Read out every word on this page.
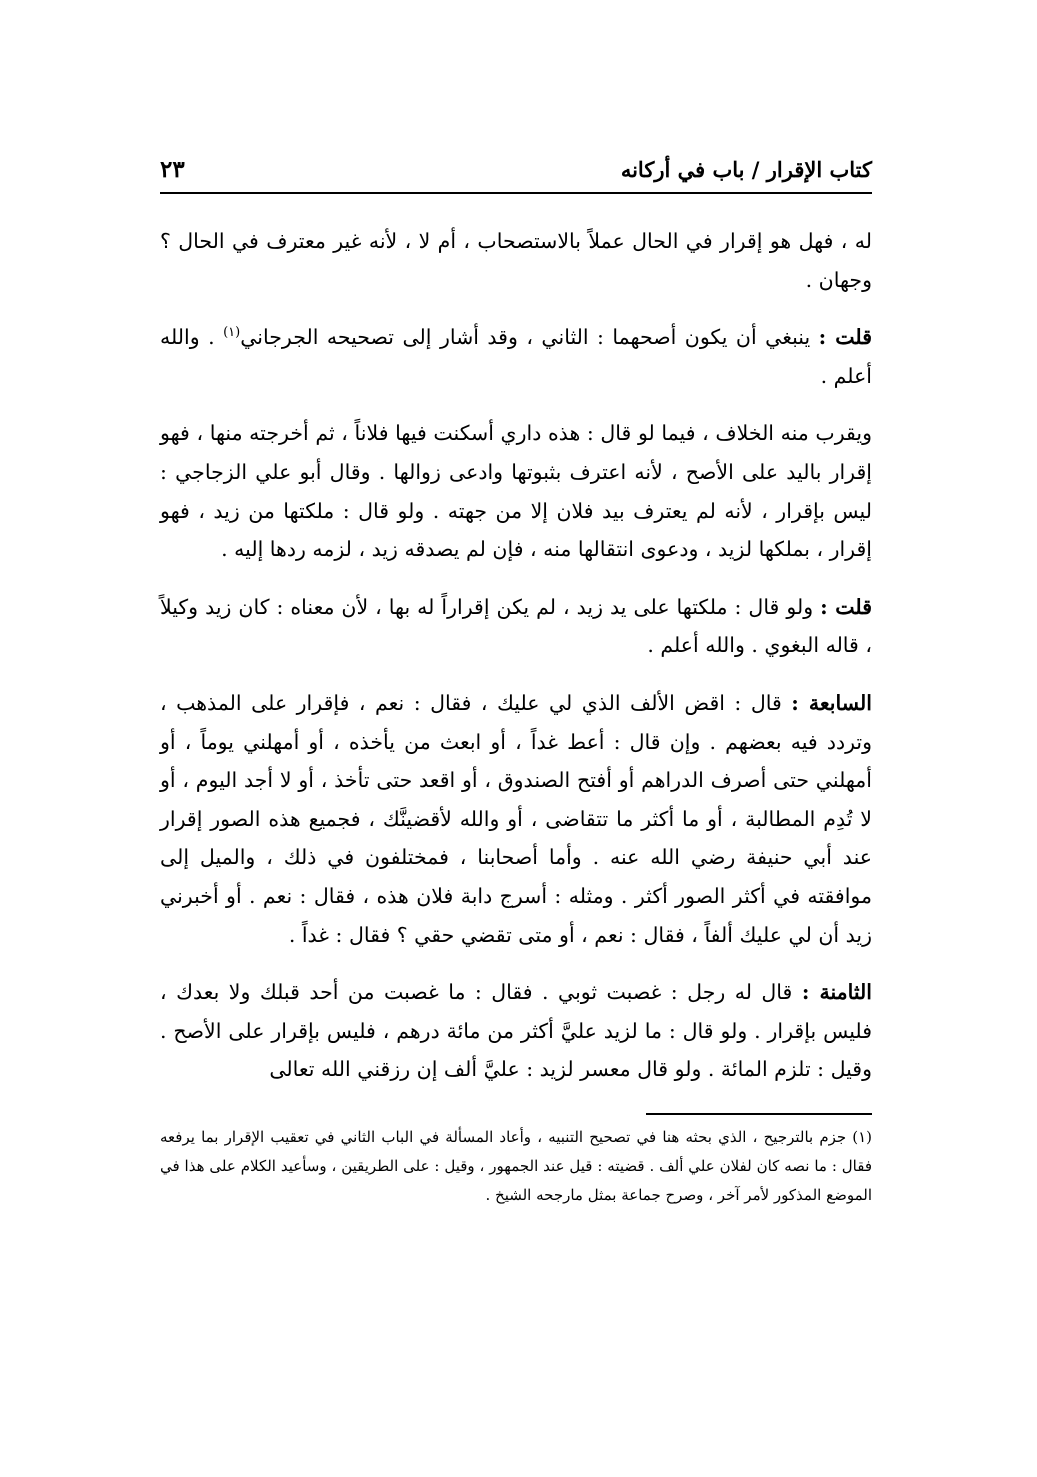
كتاب الإقرار / باب في أركانه
٢٣

له ، فهل هو إقرار في الحال عملاً بالاستصحاب ، أم لا ، لأنه غير معترف في الحال ؟ وجهان .

قلت : ينبغي أن يكون أصحهما : الثاني ، وقد أشار إلى تصحيحه الجرجاني$^{(١)}$ . والله أعلم .

ويقرب منه الخلاف ، فيما لو قال : هذه داري أسكنت فيها فلاناً ، ثم أخرجته منها ، فهو إقرار باليد على الأصح ، لأنه اعترف بثبوتها وادعى زوالها . وقال أبو علي الزجاجي : ليس بإقرار ، لأنه لم يعترف بيد فلان إلا من جهته . ولو قال : ملكتها من زيد ، فهو إقرار ، بملكها لزيد ، ودعوى انتقالها منه ، فإن لم يصدقه زيد ، لزمه ردها إليه .

قلت : ولو قال : ملكتها على يد زيد ، لم يكن إقراراً له بها ، لأن معناه : كان زيد وكيلاً ، قاله البغوي . والله أعلم .

السابعة : قال : اقض الألف الذي لي عليك ، فقال : نعم ، فإقرار على المذهب ، وتردد فيه بعضهم . وإن قال : أعط غداً ، أو ابعث من يأخذه ، أو أمهلني يوماً ، أو أمهلني حتى أصرف الدراهم أو أفتح الصندوق ، أو اقعد حتى تأخذ ، أو لا أجد اليوم ، أو لا تُدِم المطالبة ، أو ما أكثر ما تتقاضى ، أو والله لأقضينَّك ، فجميع هذه الصور إقرار عند أبي حنيفة رضي الله عنه . وأما أصحابنا ، فمختلفون في ذلك ، والميل إلى موافقته في أكثر الصور أكثر . ومثله : أسرج دابة فلان هذه ، فقال : نعم . أو أخبرني زيد أن لي عليك ألفاً ، فقال : نعم ، أو متى تقضي حقي ؟ فقال : غداً .

الثامنة : قال له رجل : غصبت ثوبي . فقال : ما غصبت من أحد قبلك ولا بعدك ، فليس بإقرار . ولو قال : ما لزيد عليَّ أكثر من مائة درهم ، فليس بإقرار على الأصح . وقيل : تلزم المائة . ولو قال معسر لزيد : عليَّ ألف إن رزقني الله تعالى

(١)جزم بالترجيح ، الذي بحثه هنا في تصحيح التنبيه ، وأعاد المسألة في الباب الثاني في تعقيب الإقرار بما يرفعه فقال : ما نصه كان لفلان علي ألف . قضيته : قيل عند الجمهور ، وقيل : على الطريقين ، وسأعيد الكلام على هذا في الموضع المذكور لأمر آخر ، وصرح جماعة بمثل مارجحه الشيخ .
